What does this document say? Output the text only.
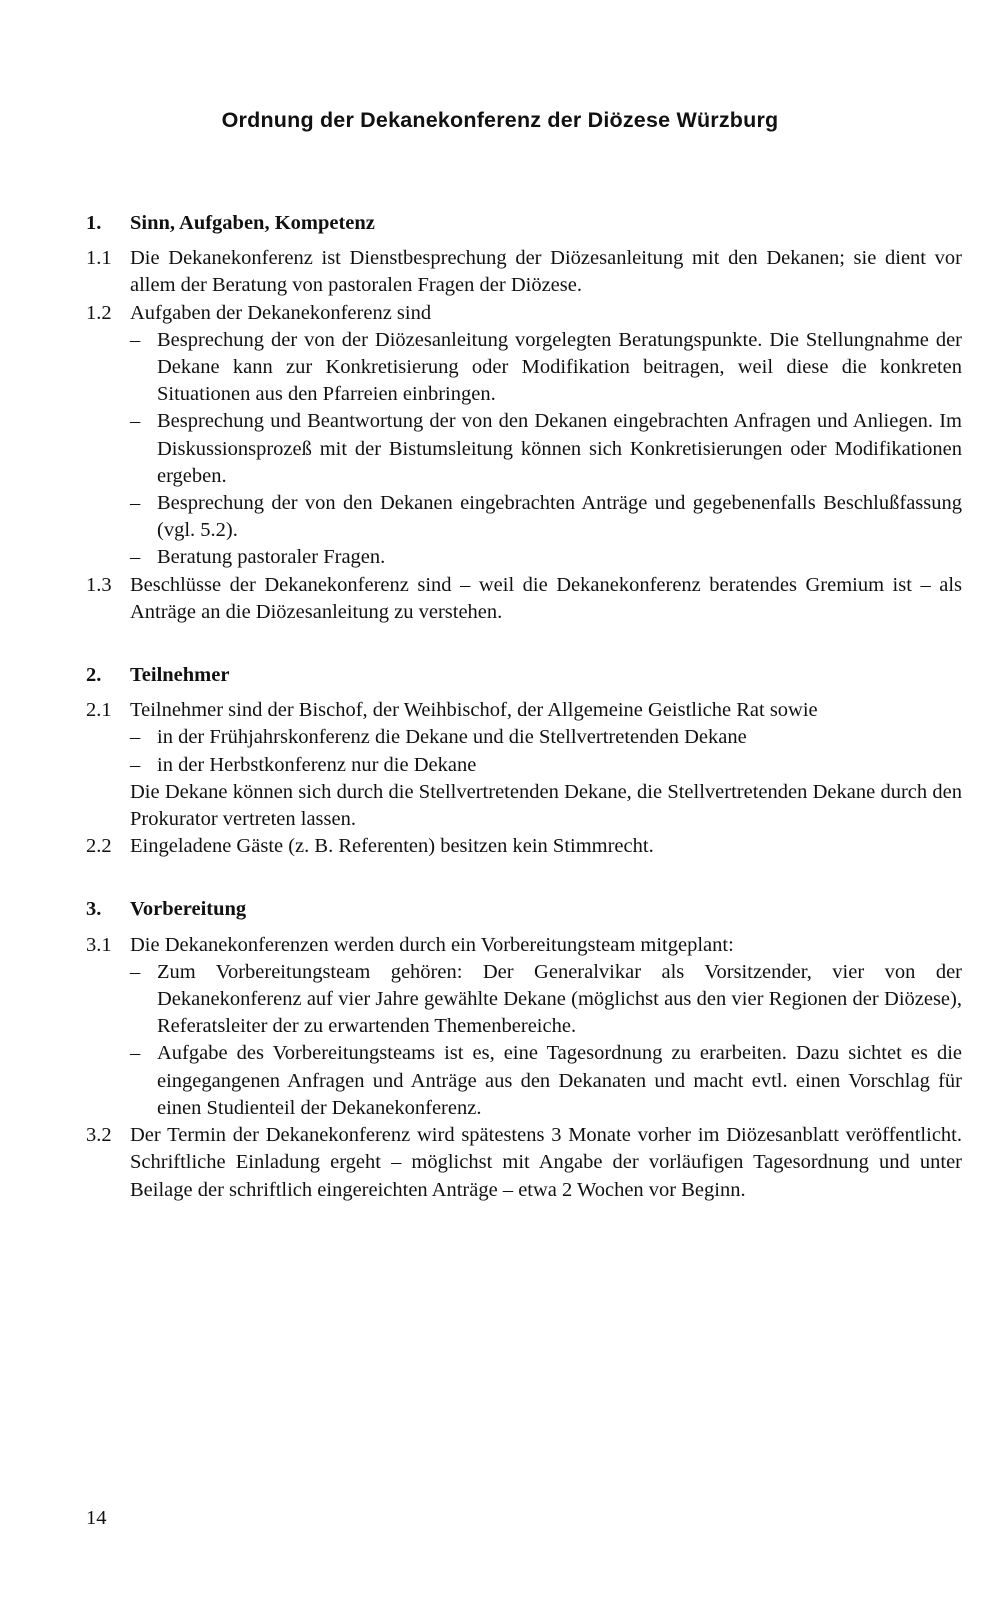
Ordnung der Dekanekonferenz der Diözese Würzburg
1.	Sinn, Aufgaben, Kompetenz
1.1 Die Dekanekonferenz ist Dienstbesprechung der Diözesanleitung mit den Dekanen; sie dient vor allem der Beratung von pastoralen Fragen der Diözese.
1.2 Aufgaben der Dekanekonferenz sind
– Besprechung der von der Diözesanleitung vorgelegten Beratungspunkte. Die Stellungnahme der Dekane kann zur Konkretisierung oder Modifikation beitragen, weil diese die konkreten Situationen aus den Pfarreien einbringen.
– Besprechung und Beantwortung der von den Dekanen eingebrachten Anfragen und Anliegen. Im Diskussionsprozeß mit der Bistumsleitung können sich Konkretisierungen oder Modifikationen ergeben.
– Besprechung der von den Dekanen eingebrachten Anträge und gegebenenfalls Beschlußfassung (vgl. 5.2).
– Beratung pastoraler Fragen.
1.3 Beschlüsse der Dekanekonferenz sind – weil die Dekanekonferenz beratendes Gremium ist – als Anträge an die Diözesanleitung zu verstehen.
2.	Teilnehmer
2.1 Teilnehmer sind der Bischof, der Weihbischof, der Allgemeine Geistliche Rat sowie
– in der Frühjahrskonferenz die Dekane und die Stellvertretenden Dekane
– in der Herbstkonferenz nur die Dekane
Die Dekane können sich durch die Stellvertretenden Dekane, die Stellvertretenden Dekane durch den Prokurator vertreten lassen.
2.2 Eingeladene Gäste (z. B. Referenten) besitzen kein Stimmrecht.
3.	Vorbereitung
3.1 Die Dekanekonferenzen werden durch ein Vorbereitungsteam mitgeplant:
– Zum Vorbereitungsteam gehören: Der Generalvikar als Vorsitzender, vier von der Dekanekonferenz auf vier Jahre gewählte Dekane (möglichst aus den vier Regionen der Diözese), Referatsleiter der zu erwartenden Themenbereiche.
– Aufgabe des Vorbereitungsteams ist es, eine Tagesordnung zu erarbeiten. Dazu sichtet es die eingegangenen Anfragen und Anträge aus den Dekanaten und macht evtl. einen Vorschlag für einen Studienteil der Dekanekonferenz.
3.2 Der Termin der Dekanekonferenz wird spätestens 3 Monate vorher im Diözesanblatt veröffentlicht. Schriftliche Einladung ergeht – möglichst mit Angabe der vorläufigen Tagesordnung und unter Beilage der schriftlich eingereichten Anträge – etwa 2 Wochen vor Beginn.
14
